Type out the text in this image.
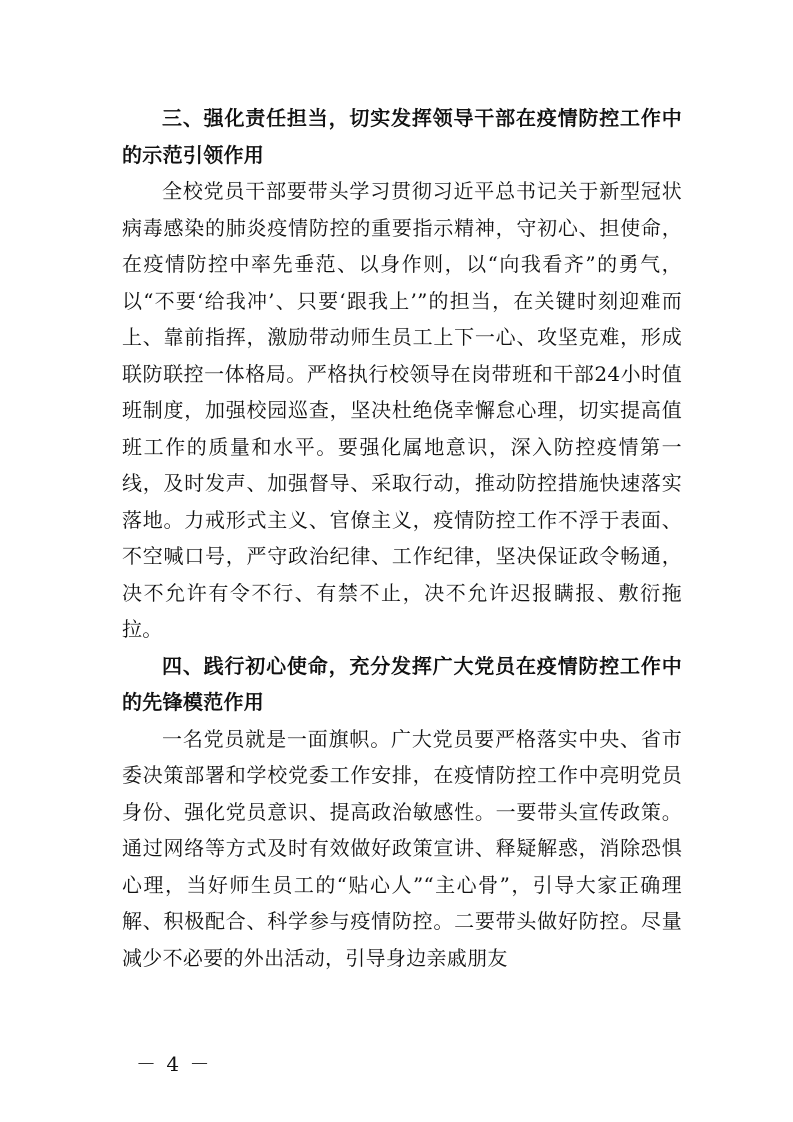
三、强化责任担当，切实发挥领导干部在疫情防控工作中的示范引领作用

全校党员干部要带头学习贯彻习近平总书记关于新型冠状病毒感染的肺炎疫情防控的重要指示精神，守初心、担使命，在疫情防控中率先垂范、以身作则，以“向我看齐”的勇气，以“不要‘给我冲’、只要‘跟我上’”的担当，在关键时刻迎难而上、靠前指挥，激励带动师生员工上下一心、攻坚克难，形成联防联控一体格局。严格执行校领导在岗带班和干部24小时值班制度，加强校园巡查，坚决杜绝侥幸懈怠心理，切实提高值班工作的质量和水平。要强化属地意识，深入防控疫情第一线，及时发声、加强督导、采取行动，推动防控措施快速落实落地。力戒形式主义、官僚主义，疫情防控工作不浮于表面、不空喊口号，严守政治纪律、工作纪律，坚决保证政令畅通，决不允许有令不行、有禁不止，决不允许迟报瞒报、敷衍拖拉。

四、践行初心使命，充分发挥广大党员在疫情防控工作中的先锋模范作用

一名党员就是一面旗帜。广大党员要严格落实中央、省市委决策部署和学校党委工作安排，在疫情防控工作中亮明党员身份、强化党员意识、提高政治敏感性。一要带头宣传政策。通过网络等方式及时有效做好政策宣讲、释疑解惑，消除恐惧心理，当好师生员工的“贴心人”“主心骨”，引导大家正确理解、积极配合、科学参与疫情防控。二要带头做好防控。尽量减少不必要的外出活动，引导身边亲戚朋友

－ 4 －
